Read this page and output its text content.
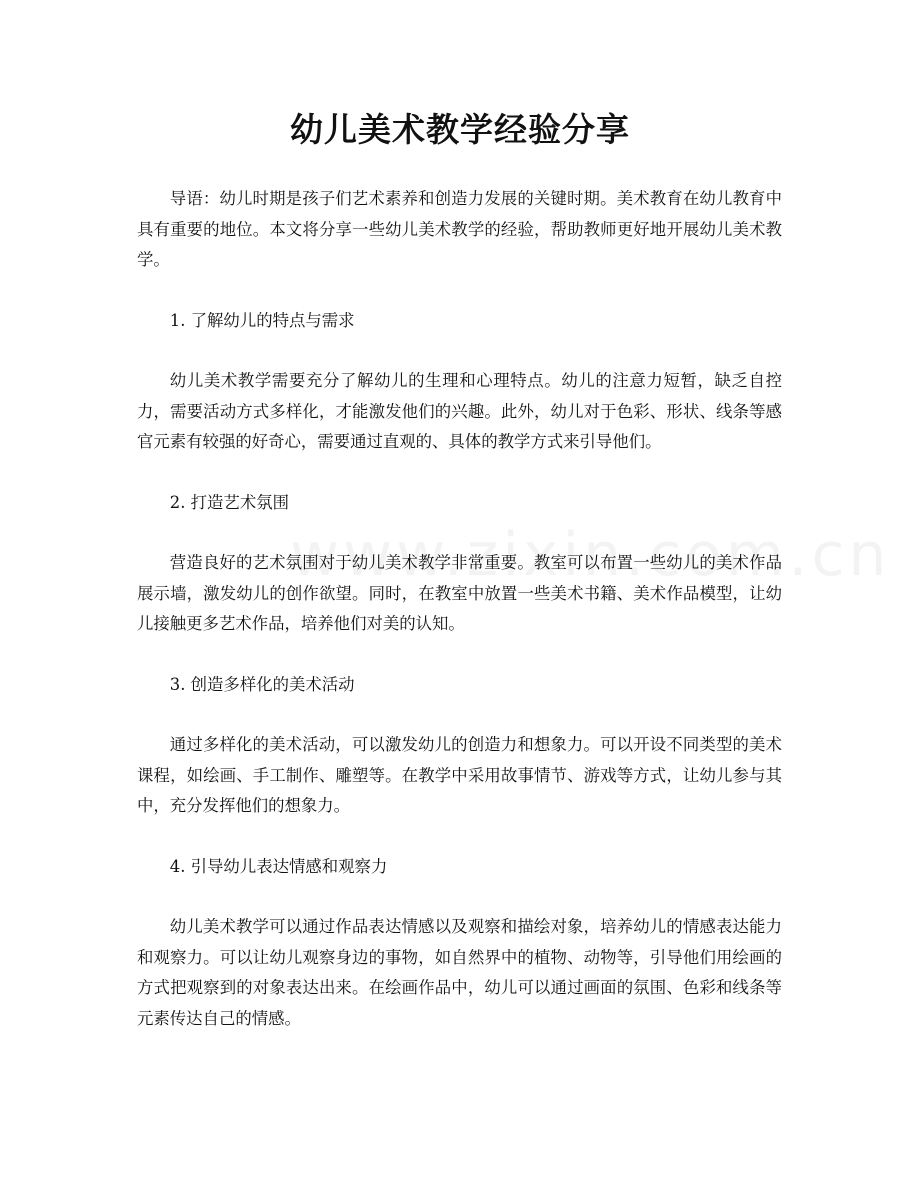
幼儿美术教学经验分享

导语：幼儿时期是孩子们艺术素养和创造力发展的关键时期。美术教育在幼儿教育中具有重要的地位。本文将分享一些幼儿美术教学的经验，帮助教师更好地开展幼儿美术教学。

1. 了解幼儿的特点与需求

幼儿美术教学需要充分了解幼儿的生理和心理特点。幼儿的注意力短暂，缺乏自控力，需要活动方式多样化，才能激发他们的兴趣。此外，幼儿对于色彩、形状、线条等感官元素有较强的好奇心，需要通过直观的、具体的教学方式来引导他们。

2. 打造艺术氛围

营造良好的艺术氛围对于幼儿美术教学非常重要。教室可以布置一些幼儿的美术作品展示墙，激发幼儿的创作欲望。同时，在教室中放置一些美术书籍、美术作品模型，让幼儿接触更多艺术作品，培养他们对美的认知。

3. 创造多样化的美术活动

通过多样化的美术活动，可以激发幼儿的创造力和想象力。可以开设不同类型的美术课程，如绘画、手工制作、雕塑等。在教学中采用故事情节、游戏等方式，让幼儿参与其中，充分发挥他们的想象力。

4. 引导幼儿表达情感和观察力

幼儿美术教学可以通过作品表达情感以及观察和描绘对象，培养幼儿的情感表达能力和观察力。可以让幼儿观察身边的事物，如自然界中的植物、动物等，引导他们用绘画的方式把观察到的对象表达出来。在绘画作品中，幼儿可以通过画面的氛围、色彩和线条等元素传达自己的情感。
